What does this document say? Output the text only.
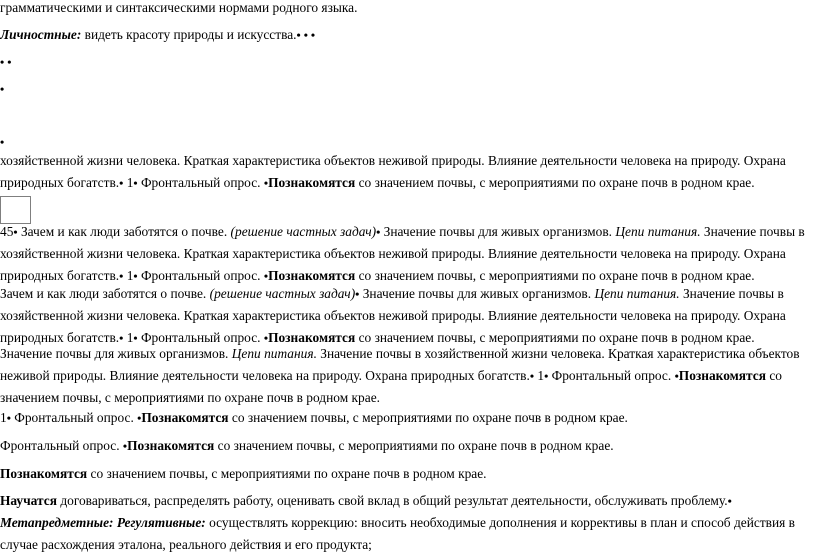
грамматическими и синтаксическими нормами родного языка.
Личностные: видеть красоту природы и искусства.• • •
• •
•
•
хозяйственной жизни человека. Краткая характеристика объектов неживой природы. Влияние деятельности человека на природу. Охрана природных богатств.• 1• Фронтальный опрос. •Познакомятся со значением почвы, с мероприятиями по охране почв в родном крае.
45• Зачем и как люди заботятся о почве. (решение частных задач)• Значение почвы для живых организмов. Цепи питания. Значение почвы в хозяйственной жизни человека. Краткая характеристика объектов неживой природы. Влияние деятельности человека на природу. Охрана природных богатств.• 1• Фронтальный опрос. •Познакомятся со значением почвы, с мероприятиями по охране почв в родном крае.
Зачем и как люди заботятся о почве. (решение частных задач)• Значение почвы для живых организмов. Цепи питания. Значение почвы в хозяйственной жизни человека. Краткая характеристика объектов неживой природы. Влияние деятельности человека на природу. Охрана природных богатств.• 1• Фронтальный опрос. •Познакомятся со значением почвы, с мероприятиями по охране почв в родном крае.
Значение почвы для живых организмов. Цепи питания. Значение почвы в хозяйственной жизни человека. Краткая характеристика объектов неживой природы. Влияние деятельности человека на природу. Охрана природных богатств.• 1• Фронтальный опрос. •Познакомятся со значением почвы, с мероприятиями по охране почв в родном крае.
1• Фронтальный опрос. •Познакомятся со значением почвы, с мероприятиями по охране почв в родном крае.
Фронтальный опрос. •Познакомятся со значением почвы, с мероприятиями по охране почв в родном крае.
Познакомятся со значением почвы, с мероприятиями по охране почв в родном крае.
Научатся договариваться, распределять работу, оценивать свой вклад в общий результат деятельности, обслуживать проблему.• Метапредметные: Регулятивные: осуществлять коррекцию: вносить необходимые дополнения и коррективы в план и способ действия в случае расхождения эталона, реального действия и его продукта;
